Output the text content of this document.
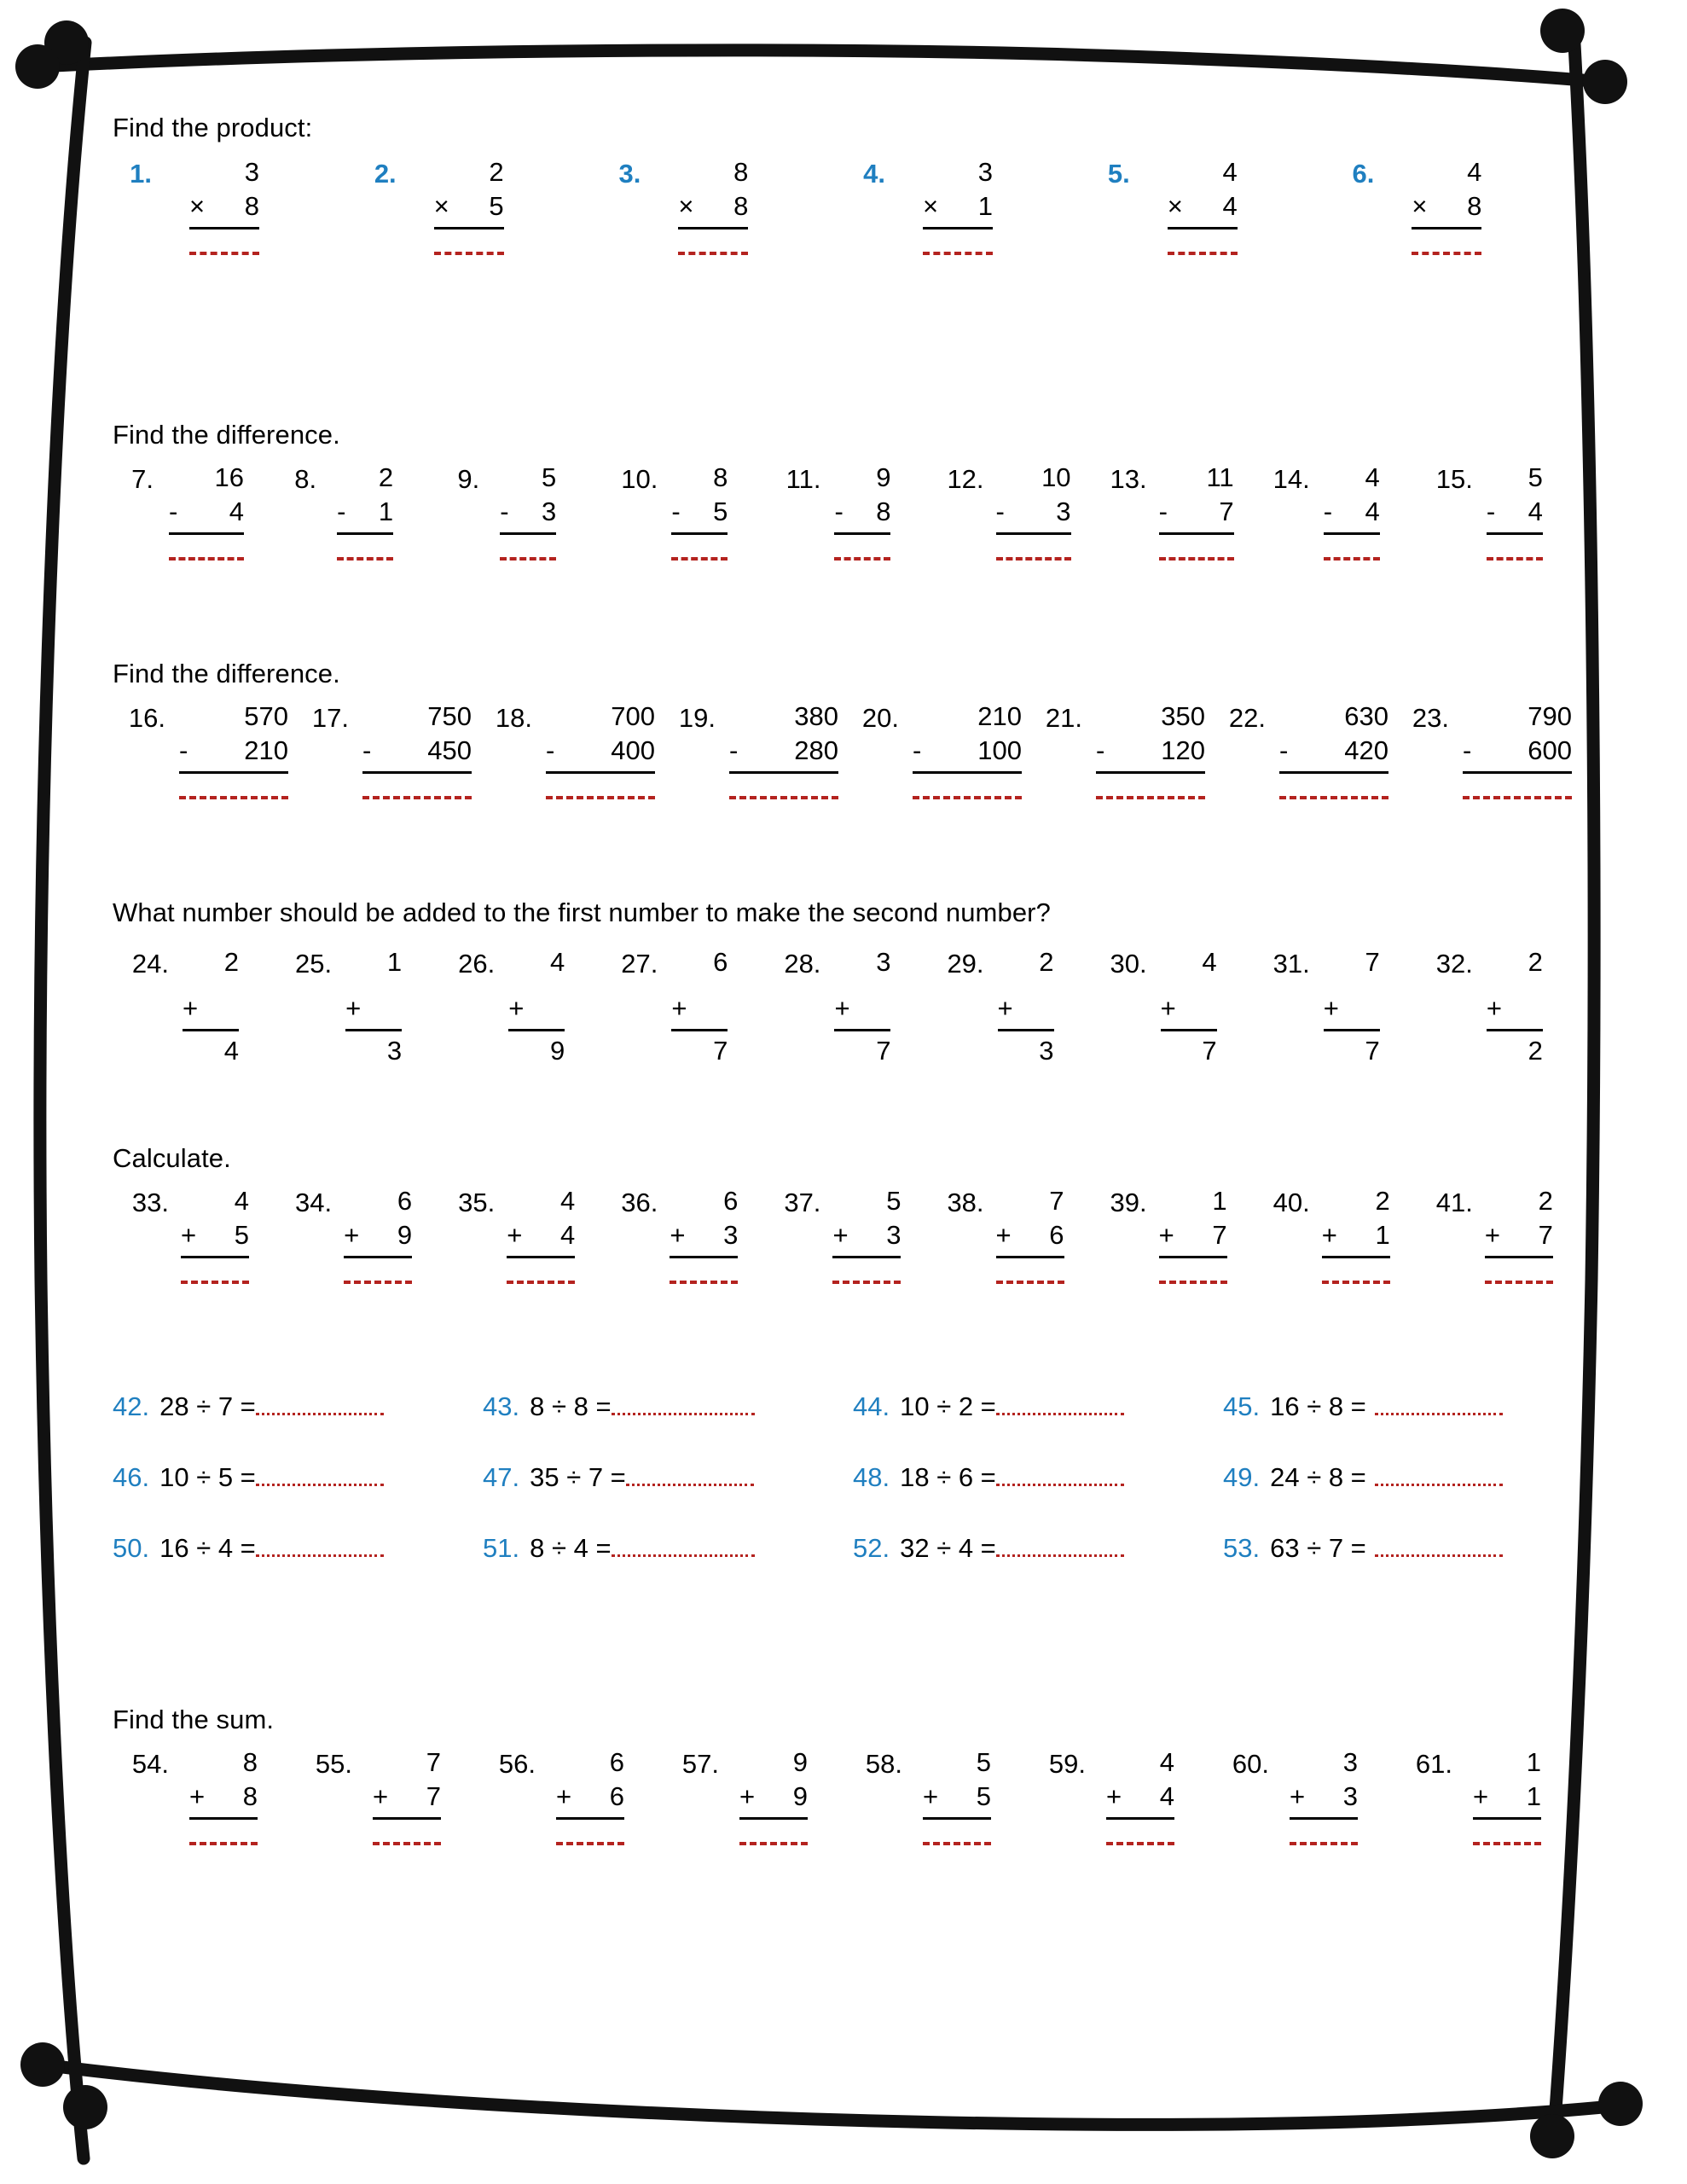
Find the product:
1.	3
× 8
2.	2
× 5
3.	8
× 8
4.	3
× 1
5.	4
× 4
6.	4
× 8
Find the difference.
7.	16
- 4
8.	2
- 1
9.	5
- 3
10.	8
- 5
11.	9
- 8
12.	10
- 3
13.	11
- 7
14.	4
- 4
15.	5
- 4
Find the difference.
16.	570
- 210
17.	750
- 450
18.	700
- 400
19.	380
- 280
20.	210
- 100
21.	350
- 120
22.	630
- 420
23.	790
- 600
What number should be added to the first number to make the second number?
24.	2
+

4
25.	1
+

3
26.	4
+

9
27.	6
+

7
28.	3
+

7
29.	2
+

3
30.	4
+

7
31.	7
+

7
32.	2
+

2
Calculate.
33.	4
+ 5
34.	6
+ 9
35.	4
+ 4
36.	6
+ 3
37.	5
+ 3
38.	7
+ 6
39.	1
+ 7
40.	2
+ 1
41.	2
+ 7
42. 28 ÷ 7 =	43. 8 ÷ 8 =	44. 10 ÷ 2 =	45. 16 ÷ 8 =
46. 10 ÷ 5 =	47. 35 ÷ 7 =	48. 18 ÷ 6 =	49. 24 ÷ 8 =
50. 16 ÷ 4 =	51. 8 ÷ 4 =	52. 32 ÷ 4 =	53. 63 ÷ 7 =
Find the sum.
54.	8
+ 8
55.	7
+ 7
56.	6
+ 6
57.	9
+ 9
58.	5
+ 5
59.	4
+ 4
60.	3
+ 3
61.	1
+ 1
